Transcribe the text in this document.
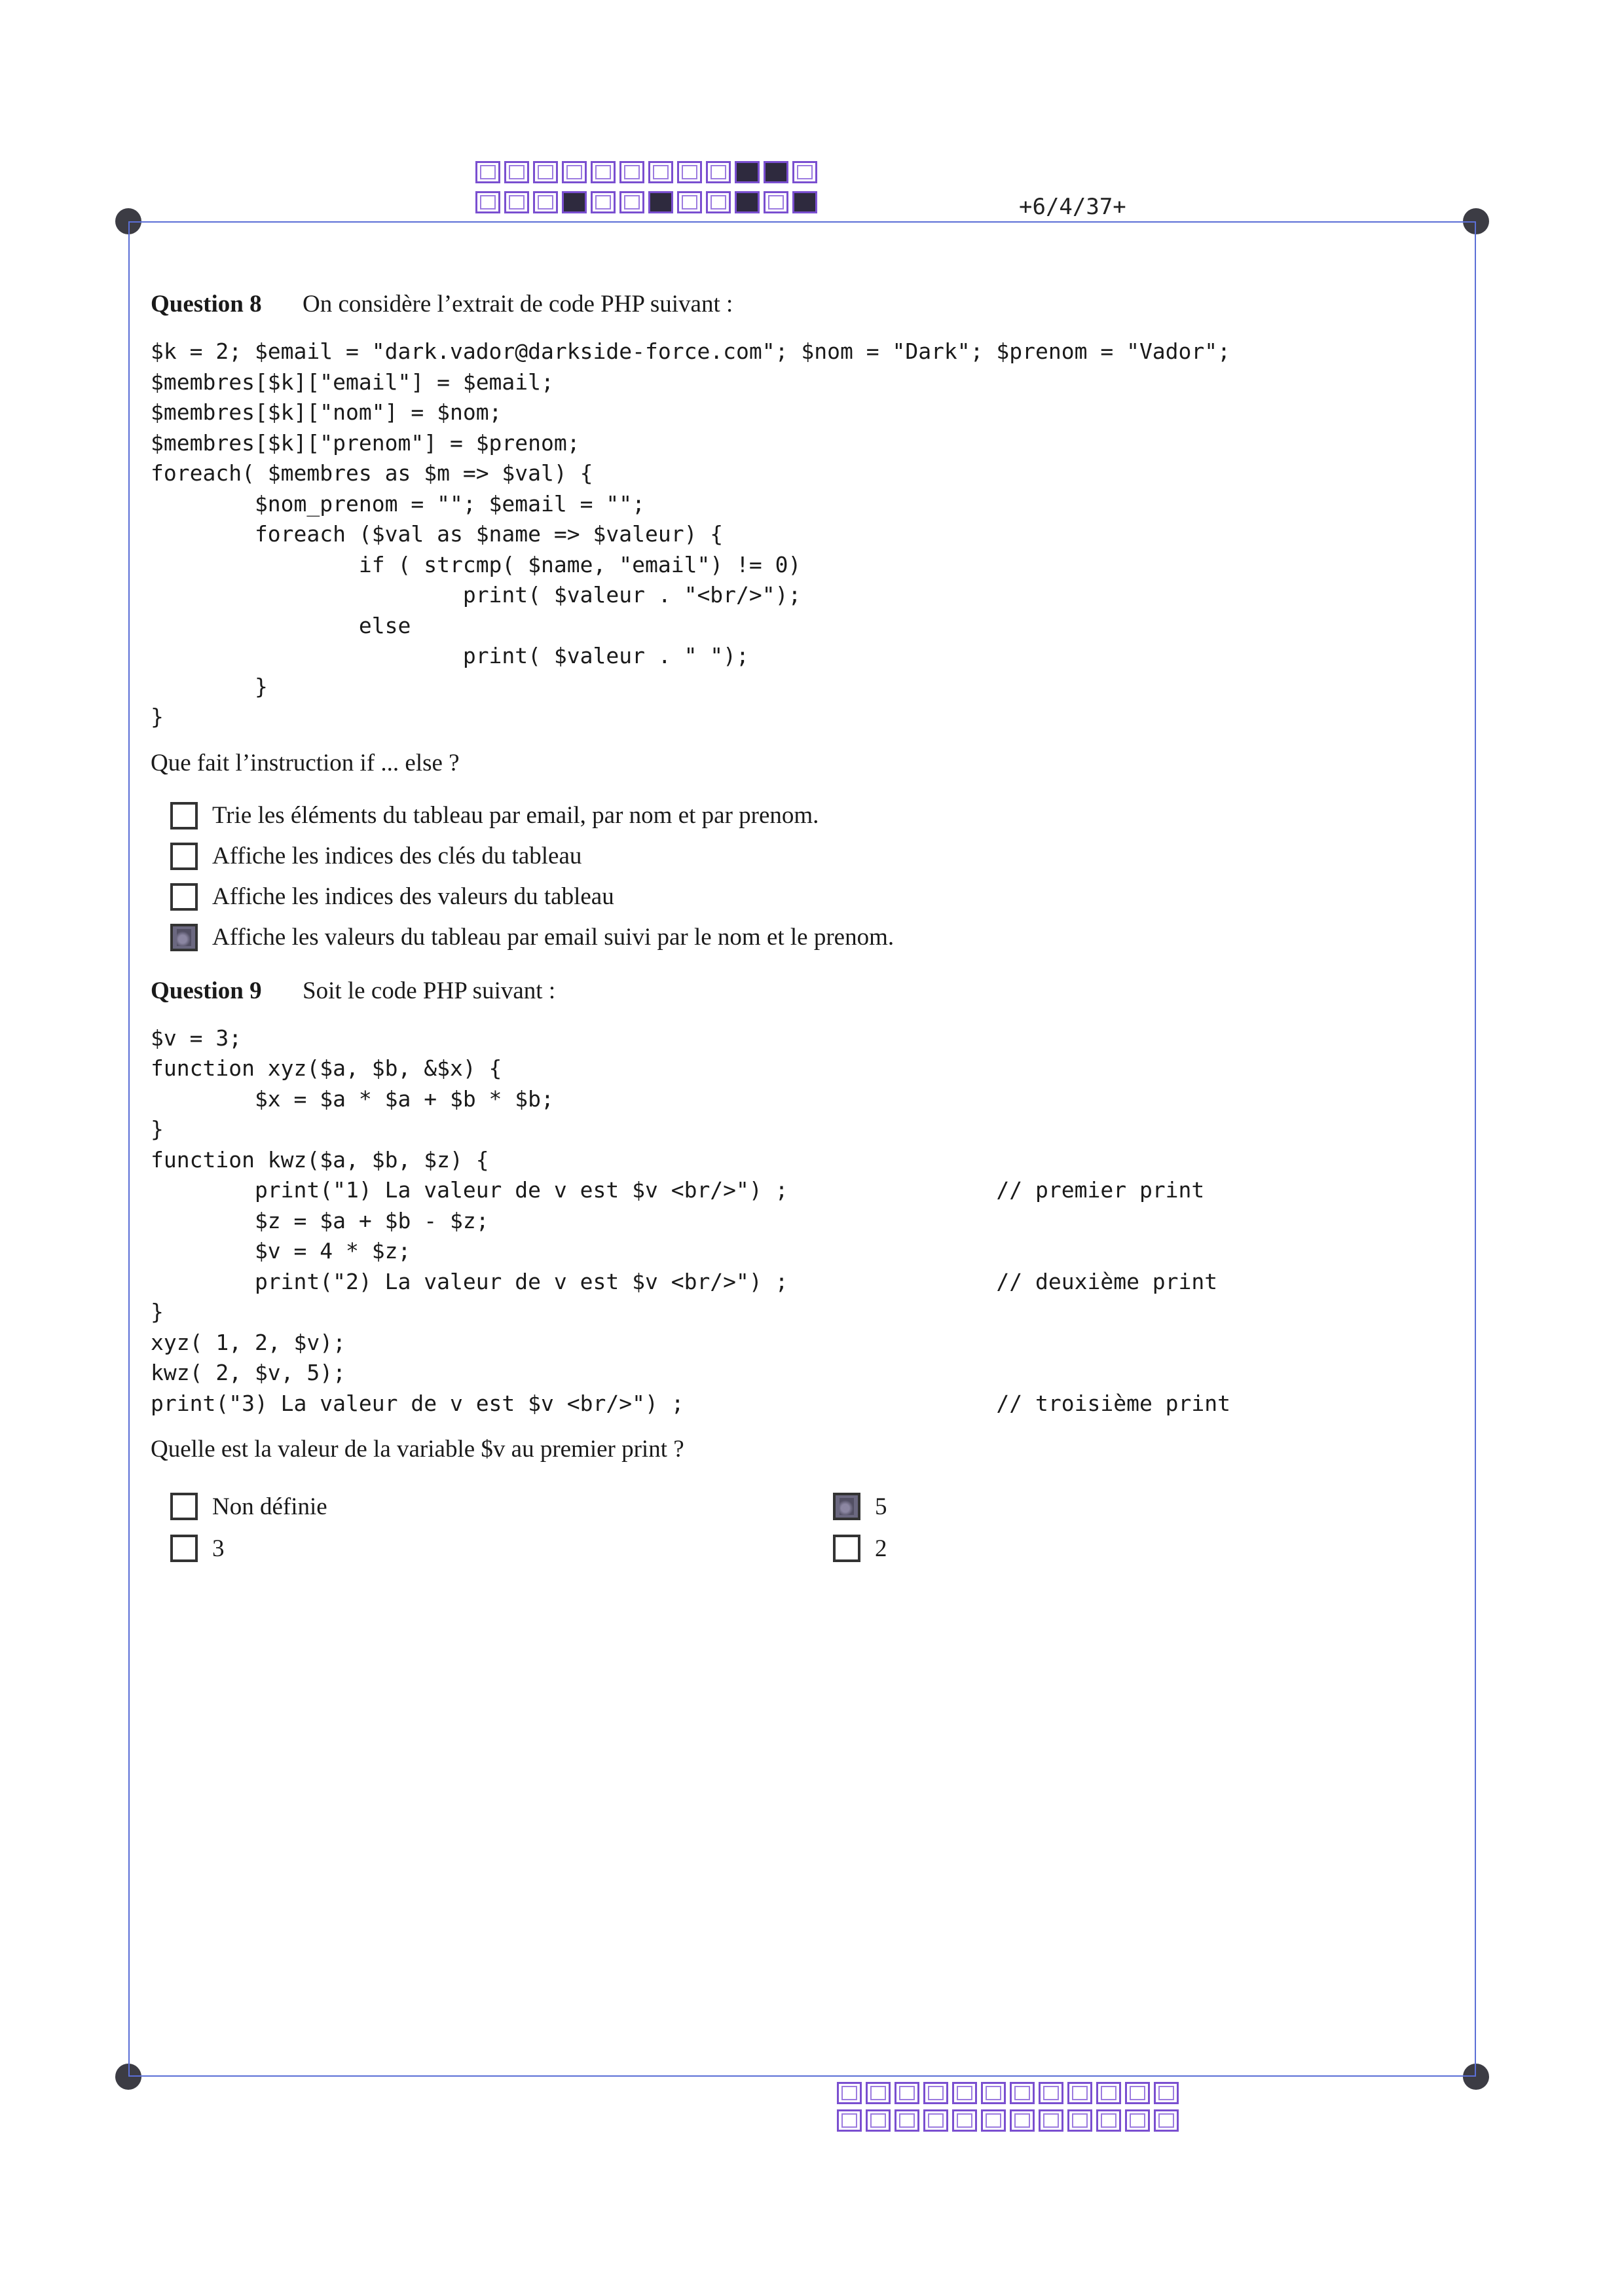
+6/4/37+
Question 8	On considère l’extrait de code PHP suivant :
$k = 2; $email = "dark.vador@darkside-force.com"; $nom = "Dark"; $prenom = "Vador";
$membres[$k]["email"] = $email;
$membres[$k]["nom"] = $nom;
$membres[$k]["prenom"] = $prenom;
foreach( $membres as $m => $val) {
$nom_prenom = ""; $email = "";
foreach ($val as $name => $valeur) {
if ( strcmp( $name, "email") != 0)
print( $valeur . "<br/>");
else
print( $valeur . " ");
}
}
Que fait l’instruction if ... else ?
Trie les éléments du tableau par email, par nom et par prenom.
Affiche les indices des clés du tableau
Affiche les indices des valeurs du tableau
Affiche les valeurs du tableau par email suivi par le nom et le prenom.
Question 9	Soit le code PHP suivant :
$v = 3;
function xyz($a, $b, &$x) {
$x = $a * $a + $b * $b;
}
function kwz($a, $b, $z) {
print("1) La valeur de v est $v <br/>") ;                // premier print
$z = $a + $b - $z;
$v = 4 * $z;
print("2) La valeur de v est $v <br/>") ;                // deuxième print
}
xyz( 1, 2, $v);
kwz( 2, $v, 5);
print("3) La valeur de v est $v <br/>") ;                        // troisième print
Quelle est la valeur de la variable $v au premier print ?
Non définie	5
3	2
